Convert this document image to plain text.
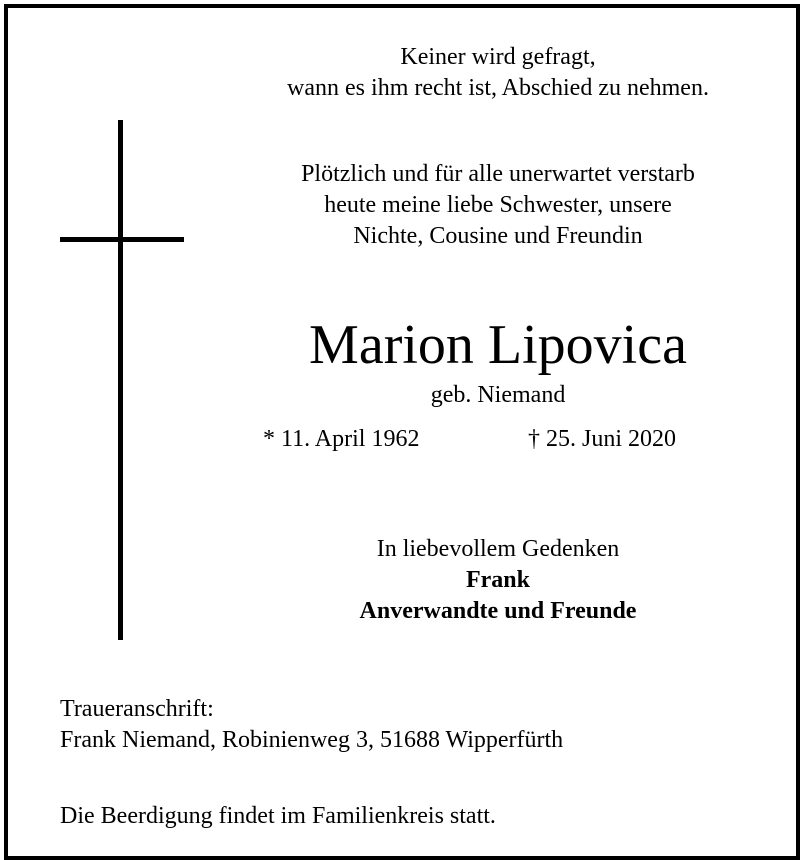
Keiner wird gefragt,
wann es ihm recht ist, Abschied zu nehmen.
Plötzlich und für alle unerwartet verstarb
heute meine liebe Schwester, unsere
Nichte, Cousine und Freundin
Marion Lipovica
geb. Niemand
* 11. April 1962	† 25. Juni 2020
In liebevollem Gedenken
Frank
Anverwandte und Freunde
Traueranschrift:
Frank Niemand, Robinienweg 3, 51688 Wipperfürth
Die Beerdigung findet im Familienkreis statt.
